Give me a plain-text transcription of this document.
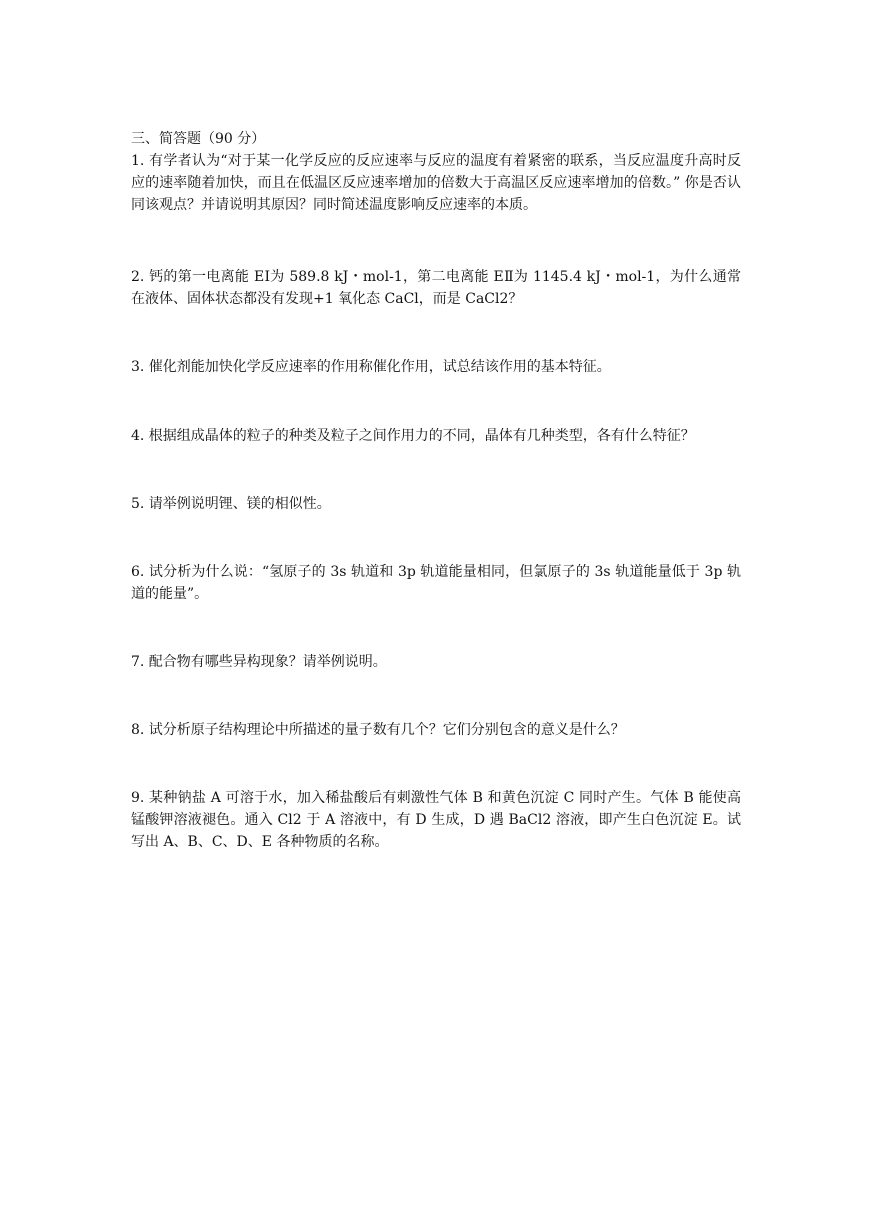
三、简答题（90 分）

1. 有学者认为“对于某一化学反应的反应速率与反应的温度有着紧密的联系，当反应温度升高时反应的速率随着加快，而且在低温区反应速率增加的倍数大于高温区反应速率增加的倍数。” 你是否认同该观点？并请说明其原因？同时简述温度影响反应速率的本质。

2. 钙的第一电离能 EⅠ为 589.8 kJ・mol-1，第二电离能 EⅡ为 1145.4 kJ・mol-1，为什么通常在液体、固体状态都没有发现+1 氧化态 CaCl，而是 CaCl2？

3. 催化剂能加快化学反应速率的作用称催化作用，试总结该作用的基本特征。

4. 根据组成晶体的粒子的种类及粒子之间作用力的不同，晶体有几种类型，各有什么特征？

5. 请举例说明锂、镁的相似性。

6. 试分析为什么说：“氢原子的 3s 轨道和 3p 轨道能量相同，但氯原子的 3s 轨道能量低于 3p 轨道的能量”。

7. 配合物有哪些异构现象？请举例说明。

8. 试分析原子结构理论中所描述的量子数有几个？它们分别包含的意义是什么？

9. 某种钠盐 A 可溶于水，加入稀盐酸后有刺激性气体 B 和黄色沉淀 C 同时产生。气体 B 能使高锰酸钾溶液褪色。通入 Cl2 于 A 溶液中，有 D 生成，D 遇 BaCl2 溶液，即产生白色沉淀 E。试写出 A、B、C、D、E 各种物质的名称。
